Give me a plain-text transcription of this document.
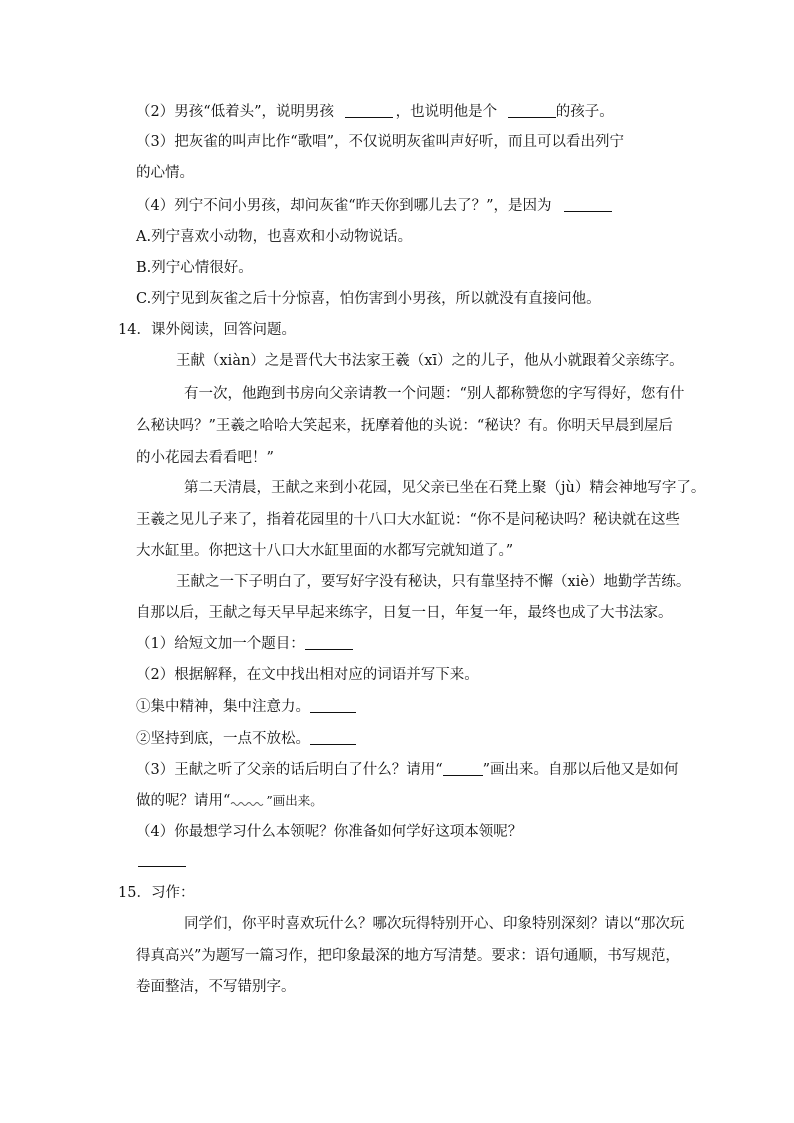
（2）男孩“低着头”，说明男孩	，也说明他是个	的孩子。
（3）把灰雀的叫声比作“歌唱”，不仅说明灰雀叫声好听，而且可以看出列宁
的心情。
（4）列宁不问小男孩，却问灰雀“昨天你到哪儿去了？”，是因为
A.列宁喜欢小动物，也喜欢和小动物说话。
B.列宁心情很好。
C.列宁见到灰雀之后十分惊喜，怕伤害到小男孩，所以就没有直接问他。
14．课外阅读，回答问题。
王献（xiàn）之是晋代大书法家王羲（xī）之的儿子，他从小就跟着父亲练字。
有一次，他跑到书房向父亲请教一个问题：“别人都称赞您的字写得好，您有什
么秘诀吗？”王羲之哈哈大笑起来，抚摩着他的头说：“秘诀？有。你明天早晨到屋后
的小花园去看看吧！”
第二天清晨，王献之来到小花园，见父亲已坐在石凳上聚（jù）精会神地写字了。
王羲之见儿子来了，指着花园里的十八口大水缸说：“你不是问秘诀吗？秘诀就在这些
大水缸里。你把这十八口大水缸里面的水都写完就知道了。”
王献之一下子明白了，要写好字没有秘诀，只有靠坚持不懈（xiè）地勤学苦练。
自那以后，王献之每天早早起来练字，日复一日，年复一年，最终也成了大书法家。
（1）给短文加一个题目：
（2）根据解释，在文中找出相对应的词语并写下来。
①集中精神，集中注意力。
②坚持到底，一点不放松。
（3）王献之听了父亲的话后明白了什么？请用“	”画出来。自那以后他又是如何
做的呢？请用“	”画出来。
（4）你最想学习什么本领呢？你准备如何学好这项本领呢？
15．习作：
同学们，你平时喜欢玩什么？哪次玩得特别开心、印象特别深刻？请以“那次玩
得真高兴”为题写一篇习作，把印象最深的地方写清楚。要求：语句通顺，书写规范，
卷面整洁，不写错别字。
